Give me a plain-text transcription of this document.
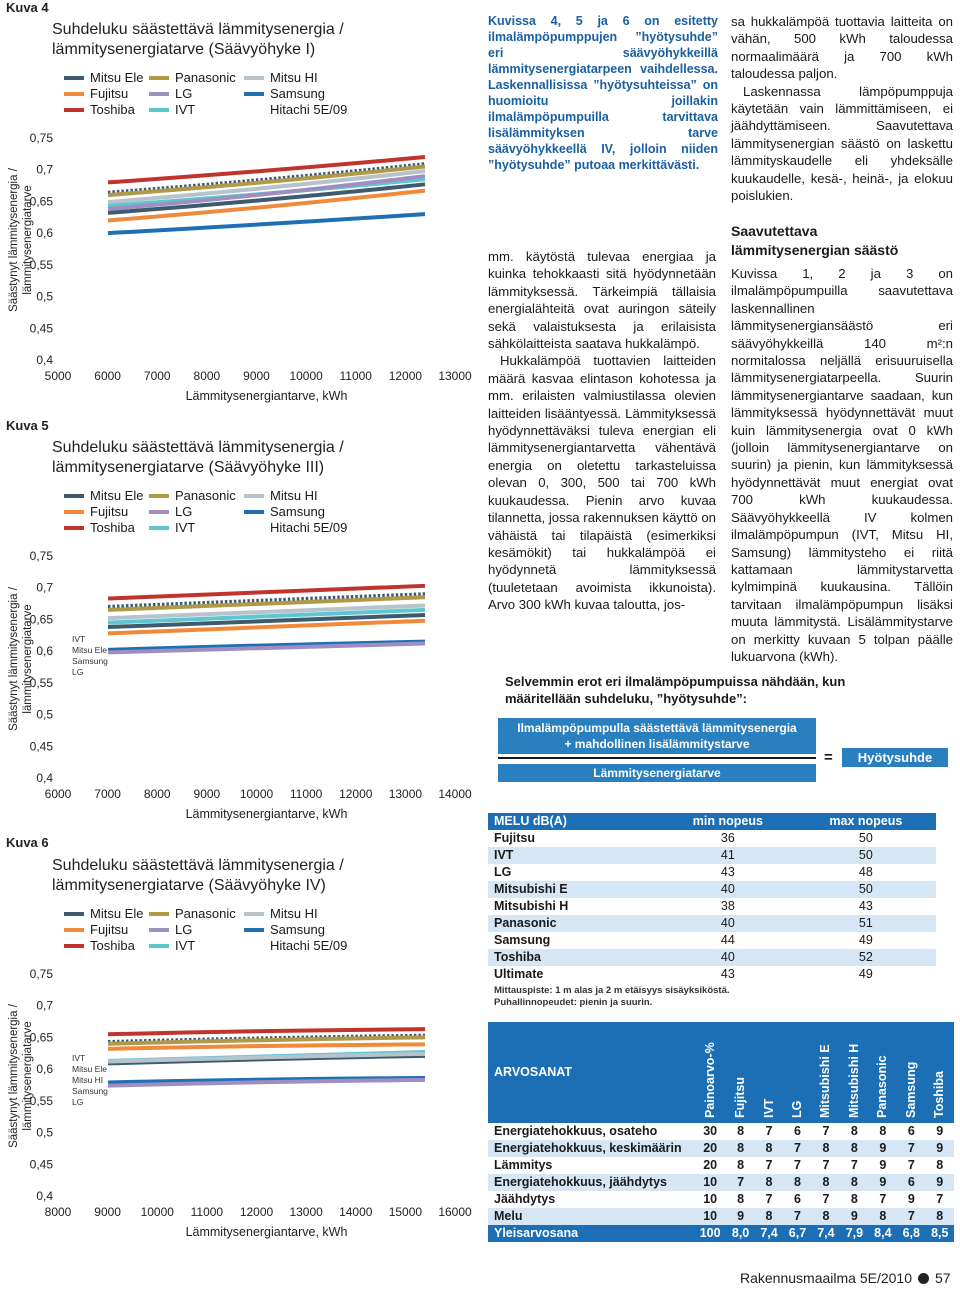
Kuva 4
Suhdeluku säästettävä lämmitysenergia /
lämmitysenergiatarve (Säävyöhyke I)
Mitsu Ele Panasonic	Mitsu HI
Fujitsu	LG	Samsung
Toshiba	IVT	Hitachi 5E/09
Säästynyt lämmitysenergia / lämmitysenergiatarve
0,4
0,45
0,5
0,55
0,6
0,65
0,7
0,75
5000 6000 7000 8000 9000 10000 11000 12000 13000
Lämmitysenergiantarve, kWh
Kuva 5
Suhdeluku säästettävä lämmitysenergia /
lämmitysenergiatarve (Säävyöhyke III)
Mitsu Ele Panasonic	Mitsu HI
Fujitsu	LG	Samsung
Toshiba	IVT	Hitachi 5E/09
Säästynyt lämmitysenergia / lämmitysenergiatarve
0,4
0,45
0,5
0,55
0,6
0,65
0,7
0,75
6000 7000 8000 9000 10000 11000 12000 13000 14000
Lämmitysenergiantarve, kWh
IVT
Mitsu Ele
Samsung
LG
Kuva 6
Suhdeluku säästettävä lämmitysenergia /
lämmitysenergiatarve (Säävyöhyke IV)
Mitsu Ele Panasonic	Mitsu HI
Fujitsu	LG	Samsung
Toshiba	IVT	Hitachi 5E/09
Säästynyt lämmitysenergia / lämmitysenergiatarve
0,4
0,45
0,5
0,55
0,6
0,65
0,7
0,75
8000 9000 10000 11000 12000 13000 14000 15000 16000
Lämmitysenergiantarve, kWh
IVT
Mitsu Ele
Mitsu HI
Samsung
LG
Kuvissa 4, 5 ja 6 on esitetty ilmalämpöpumppujen ”hyötysuhde” eri säävyöhykkeillä lämmitysenergiatarpeen vaihdellessa. Laskennallisissa ”hyötysuhteissa” on huomioitu joillakin ilmalämpöpumpuilla tarvittava lisälämmityksen tarve säävyöhykkeellä IV, jolloin niiden ”hyötysuhde” putoaa merkittävästi.

mm. käytöstä tulevaa energiaa ja kuinka tehokkaasti sitä hyödynnetään lämmityksessä. Tärkeimpiä tällaisia energialähteitä ovat auringon säteily sekä valaistuksesta ja erilaisista sähkölaitteista saatava hukkalämpö.

Hukkalämpöä tuottavien laitteiden määrä kasvaa elintason kohotessa ja mm. erilaisten valmiustilassa olevien laitteiden lisääntyessä. Lämmityksessä hyödynnettäväksi tuleva energian eli lämmitysenergiantarvetta vähentävä energia on oletettu tarkasteluissa olevan 0, 300, 500 tai 700 kWh kuukaudessa. Pienin arvo kuvaa tilannetta, jossa rakennuksen käyttö on vähäistä tai tilapäistä (esimerkiksi kesämökit) tai hukkalämpöä ei hyödynnetä lämmityksessä (tuuletetaan avoimista ikkunoista). Arvo 300 kWh kuvaa taloutta, jos-

sa hukkalämpöä tuottavia laitteita on vähän, 500 kWh taloudessa normaalimäärä ja 700 kWh taloudessa paljon.

Laskennassa lämpöpumppuja käytetään vain lämmittämiseen, ei jäähdyttämiseen. Saavutettava lämmitysenergian säästö on laskettu lämmityskaudelle eli yhdeksälle kuukaudelle, kesä-, heinä-, ja elokuu poislukien.

Saavutettava
lämmitysenergian säästö
Kuvissa 1, 2 ja 3 on ilmalämpöpumpuilla saavutettava laskennallinen lämmitysenergiansäästö eri säävyöhykkeillä 140 m²:n normitalossa neljällä erisuuruisella lämmitysenergiatarpeella. Suurin lämmitysenergiantarve saadaan, kun lämmityksessä hyödynnettävät muut kuin lämmitysenergia ovat 0 kWh (jolloin lämmitysenergiantarve on suurin) ja pienin, kun lämmityksessä hyödynnettävät muut energiat ovat 700 kWh kuukaudessa. Säävyöhykkeellä IV kolmen ilmalämpöpumpun (IVT, Mitsu HI, Samsung) lämmitysteho ei riitä kattamaan lämmitystarvetta kylmimpinä kuukausina. Tällöin tarvitaan ilmalämpöpumpun lisäksi muuta lämmitystä. Lisälämmitystarve on merkitty kuvaan 5 tolpan päälle lukuarvona (kWh).
Selvemmin erot eri ilmalämpöpumpuissa nähdään, kun
määritellään suhdeluku, ”hyötysuhde”:
Ilmalämpöpumpulla säästettävä lämmitysenergia
+ mahdollinen lisälämmitystarve
Lämmitysenergiatarve
=	Hyötysuhde
MELU dB(A)	min nopeus	max nopeus
Fujitsu	36	50
IVT	41	50
LG	43	48
Mitsubishi E	40	50
Mitsubishi H	38	43
Panasonic	40	51
Samsung	44	49
Toshiba	40	52
Ultimate	43	49
Mittauspiste: 1 m alas ja 2 m etäisyys sisäyksiköstä.
Puhallinnopeudet: pienin ja suurin.
ARVOSANAT	Painoarvo-%	Fujitsu	IVT	LG	Mitsubishi E	Mitsubishi H	Panasonic	Samsung	Toshiba
Energiatehokkuus, osateho	30	8	7	6	7	8	8	6	9
Energiatehokkuus, keskimäärin	20	8	8	7	8	8	9	7	9
Lämmitys	20	8	7	7	7	7	9	7	8
Energiatehokkuus, jäähdytys	10	7	8	8	8	8	9	6	9
Jäähdytys	10	8	7	6	7	8	7	9	7
Melu	10	9	8	7	8	9	8	7	8
Yleisarvosana	100	8,0	7,4	6,7	7,4	7,9	8,4	6,8	8,5
Rakennusmaailma 5E/2010 57
